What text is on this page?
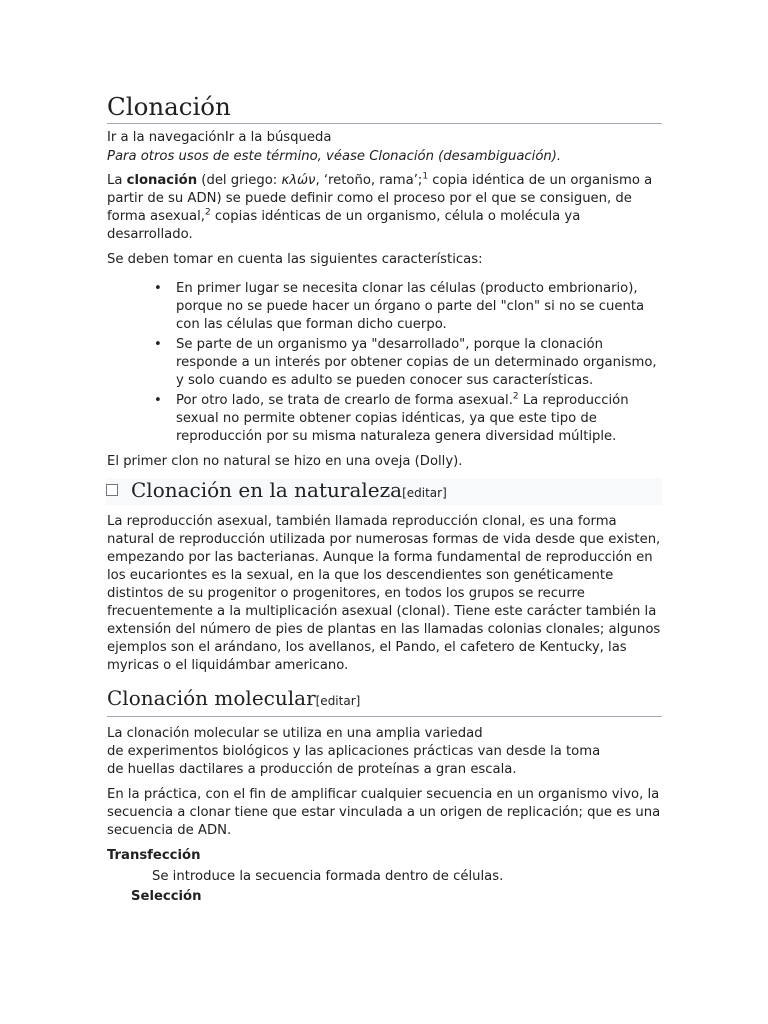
Clonación
Ir a la navegaciónIr a la búsqueda
Para otros usos de este término, véase Clonación (desambiguación).

La clonación (del griego: κλών, ‘retoño, rama’;$^1$ copia idéntica de un organismo a partir de su ADN) se puede definir como el proceso por el que se consiguen, de forma asexual,$^2$ copias idénticas de un organismo, célula o molécula ya desarrollado.

Se deben tomar en cuenta las siguientes características:

• En primer lugar se necesita clonar las células (producto embrionario), porque no se puede hacer un órgano o parte del "clon" si no se cuenta con las células que forman dicho cuerpo.
• Se parte de un organismo ya "desarrollado", porque la clonación responde a un interés por obtener copias de un determinado organismo, y solo cuando es adulto se pueden conocer sus características.
• Por otro lado, se trata de crearlo de forma asexual.$^2$ La reproducción sexual no permite obtener copias idénticas, ya que este tipo de reproducción por su misma naturaleza genera diversidad múltiple.

El primer clon no natural se hizo en una oveja (Dolly).

Clonación en la naturaleza[editar]

La reproducción asexual, también llamada reproducción clonal, es una forma natural de reproducción utilizada por numerosas formas de vida desde que existen, empezando por las bacterianas. Aunque la forma fundamental de reproducción en los eucariontes es la sexual, en la que los descendientes son genéticamente distintos de su progenitor o progenitores, en todos los grupos se recurre frecuentemente a la multiplicación asexual (clonal). Tiene este carácter también la extensión del número de pies de plantas en las llamadas colonias clonales; algunos ejemplos son el arándano, los avellanos, el Pando, el cafetero de Kentucky, las myricas o el liquidámbar americano.

Clonación molecular[editar]

La clonación molecular se utiliza en una amplia variedad
de experimentos biológicos y las aplicaciones prácticas van desde la toma
de huellas dactilares a producción de proteínas a gran escala.

En la práctica, con el fin de amplificar cualquier secuencia en un organismo vivo, la secuencia a clonar tiene que estar vinculada a un origen de replicación; que es una secuencia de ADN.

Transfección
Se introduce la secuencia formada dentro de células.
Selección
